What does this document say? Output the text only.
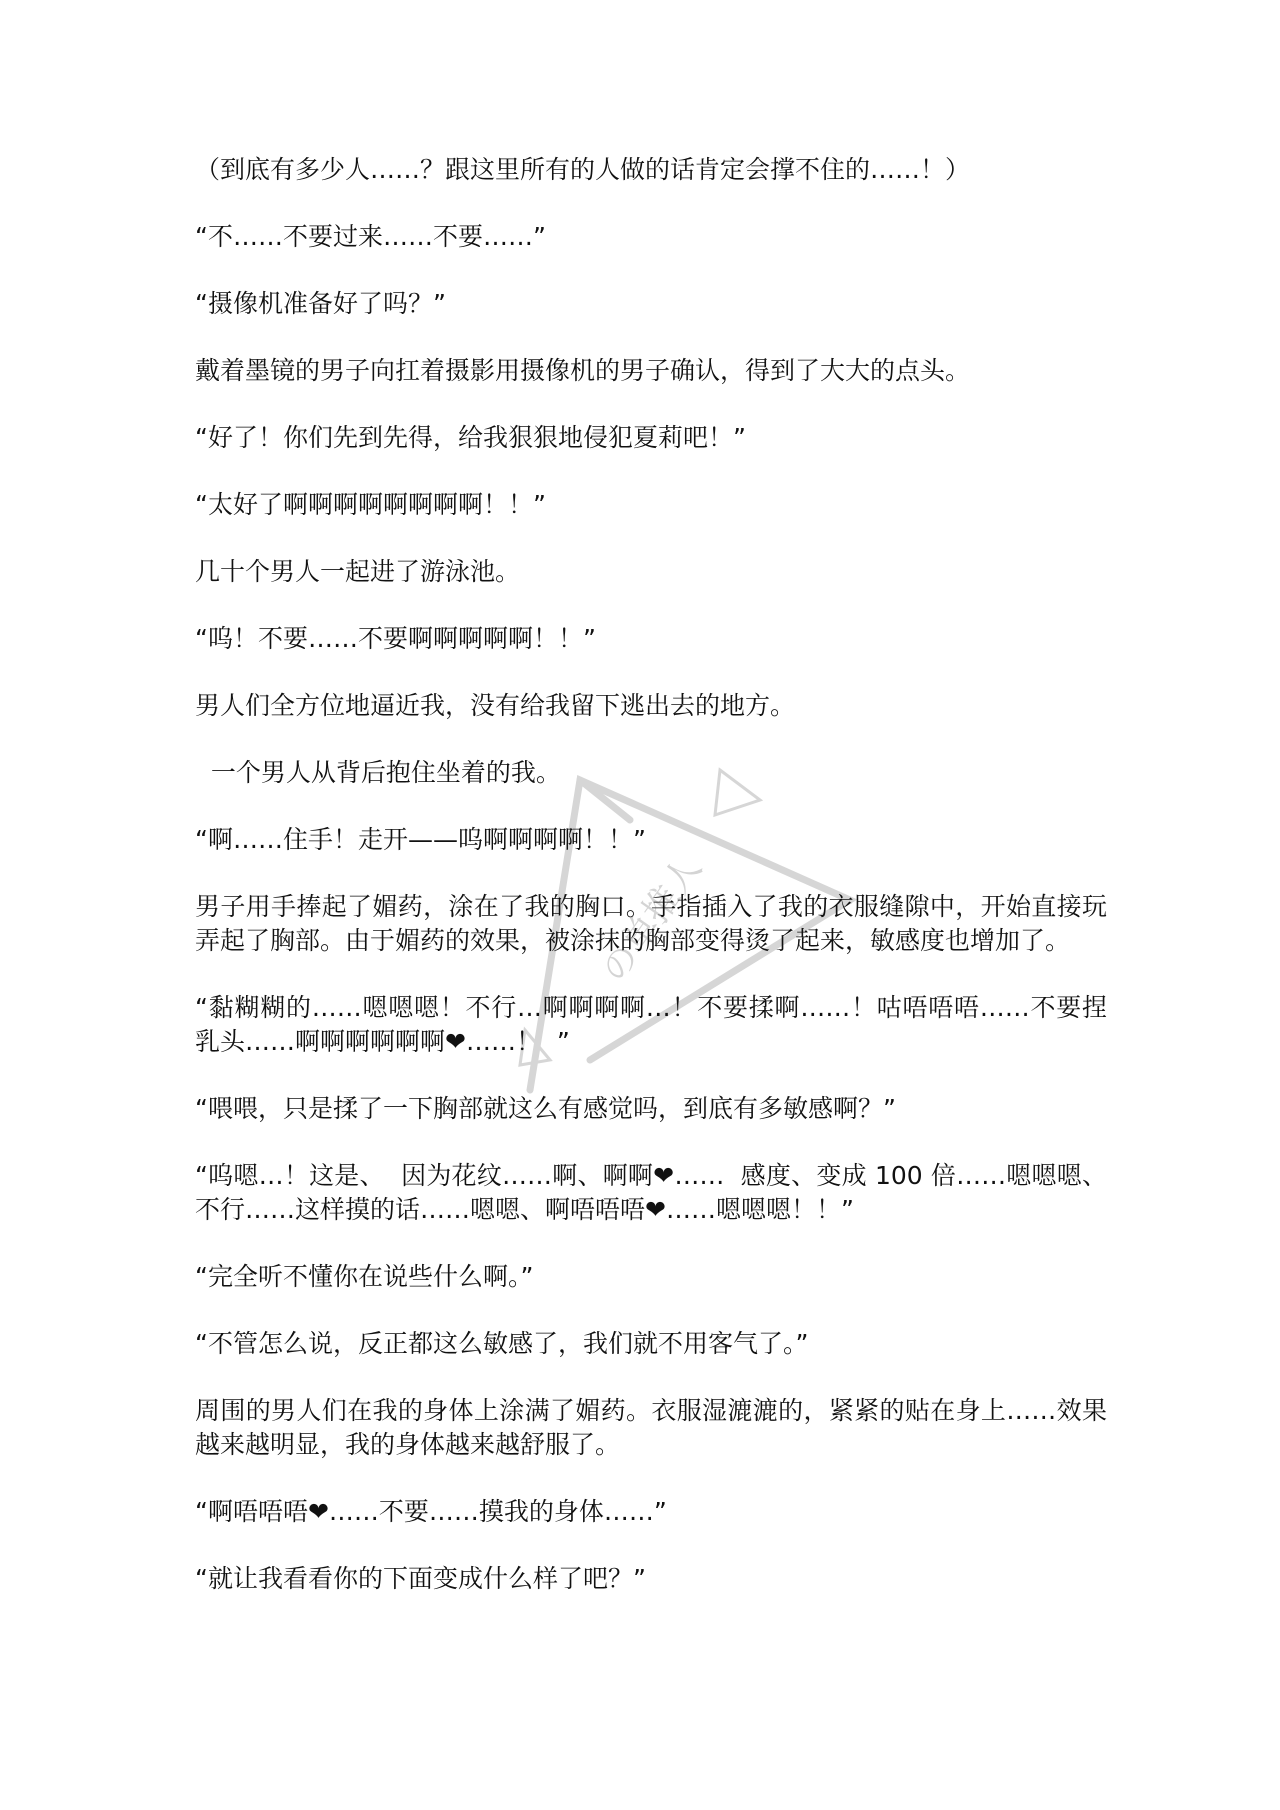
の单推人

（到底有多少人……？跟这里所有的人做的话肯定会撑不住的……！）

“不……不要过来……不要……”

“摄像机准备好了吗？”

戴着墨镜的男子向扛着摄影用摄像机的男子确认，得到了大大的点头。

“好了！你们先到先得，给我狠狠地侵犯夏莉吧！”

“太好了啊啊啊啊啊啊啊啊！！”

几十个男人一起进了游泳池。

“呜！不要……不要啊啊啊啊啊！！”

男人们全方位地逼近我，没有给我留下逃出去的地方。

一个男人从背后抱住坐着的我。

“啊……住手！走开——呜啊啊啊啊！！”

男子用手捧起了媚药，涂在了我的胸口。手指插入了我的衣服缝隙中，开始直接玩弄起了胸部。由于媚药的效果，被涂抹的胸部变得烫了起来，敏感度也增加了。

“黏糊糊的……嗯嗯嗯！不行…啊啊啊啊…！不要揉啊……！咕唔唔唔……不要捏乳头……啊啊啊啊啊啊❤……！  ”

“喂喂，只是揉了一下胸部就这么有感觉吗，到底有多敏感啊？”

“呜嗯…！这是、  因为花纹……啊、啊啊❤……  感度、变成 100 倍……嗯嗯嗯、不行……这样摸的话……嗯嗯、啊唔唔唔❤……嗯嗯嗯！！”

“完全听不懂你在说些什么啊。”

“不管怎么说，反正都这么敏感了，我们就不用客气了。”

周围的男人们在我的身体上涂满了媚药。衣服湿漉漉的，紧紧的贴在身上……效果越来越明显，我的身体越来越舒服了。

“啊唔唔唔❤……不要……摸我的身体……”

“就让我看看你的下面变成什么样了吧？”
